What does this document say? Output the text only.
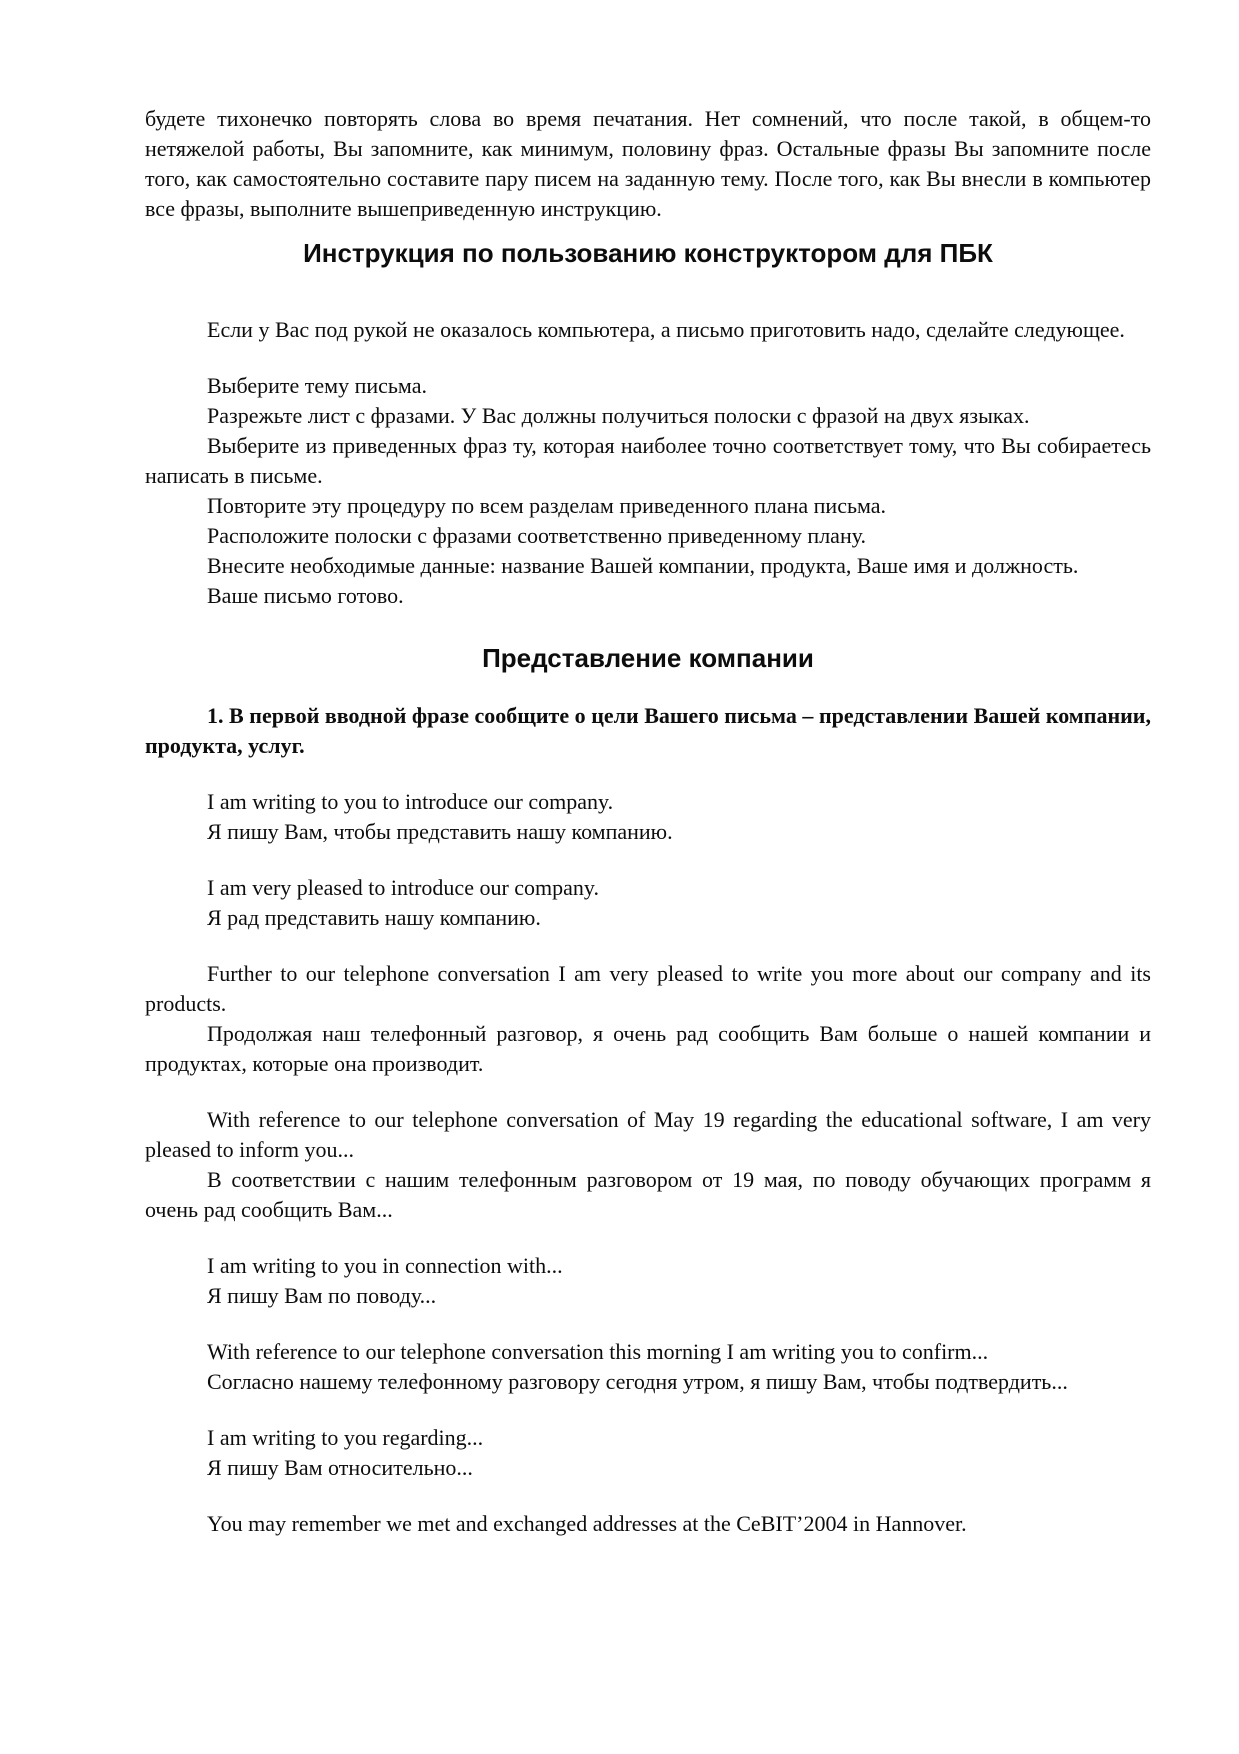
будете тихонечко повторять слова во время печатания. Нет сомнений, что после такой, в общем-то нетяжелой работы, Вы запомните, как минимум, половину фраз. Остальные фразы Вы запомните после того, как самостоятельно составите пару писем на заданную тему. После того, как Вы внесли в компьютер все фразы, выполните вышеприведенную инструкцию.

Инструкция по пользованию конструктором для ПБК

Если у Вас под рукой не оказалось компьютера, а письмо приготовить надо, сделайте следующее.

Выберите тему письма.

Разрежьте лист с фразами. У Вас должны получиться полоски с фразой на двух языках.

Выберите из приведенных фраз ту, которая наиболее точно соответствует тому, что Вы собираетесь написать в письме.

Повторите эту процедуру по всем разделам приведенного плана письма.

Расположите полоски с фразами соответственно приведенному плану.

Внесите необходимые данные: название Вашей компании, продукта, Ваше имя и должность.

Ваше письмо готово.

Представление компании

1. В первой вводной фразе сообщите о цели Вашего письма – представлении Вашей компании, продукта, услуг.

I am writing to you to introduce our company.

Я пишу Вам, чтобы представить нашу компанию.

I am very pleased to introduce our company.

Я рад представить нашу компанию.

Further to our telephone conversation I am very pleased to write you more about our company and its products.

Продолжая наш телефонный разговор, я очень рад сообщить Вам больше о нашей компании и продуктах, которые она производит.

With reference to our telephone conversation of May 19 regarding the educational software, I am very pleased to inform you...

В соответствии с нашим телефонным разговором от 19 мая, по поводу обучающих программ я очень рад сообщить Вам...

I am writing to you in connection with...

Я пишу Вам по поводу...

With reference to our telephone conversation this morning I am writing you to confirm...

Согласно нашему телефонному разговору сегодня утром, я пишу Вам, чтобы подтвердить...

I am writing to you regarding...

Я пишу Вам относительно...

You may remember we met and exchanged addresses at the CeBIT’2004 in Hannover.
